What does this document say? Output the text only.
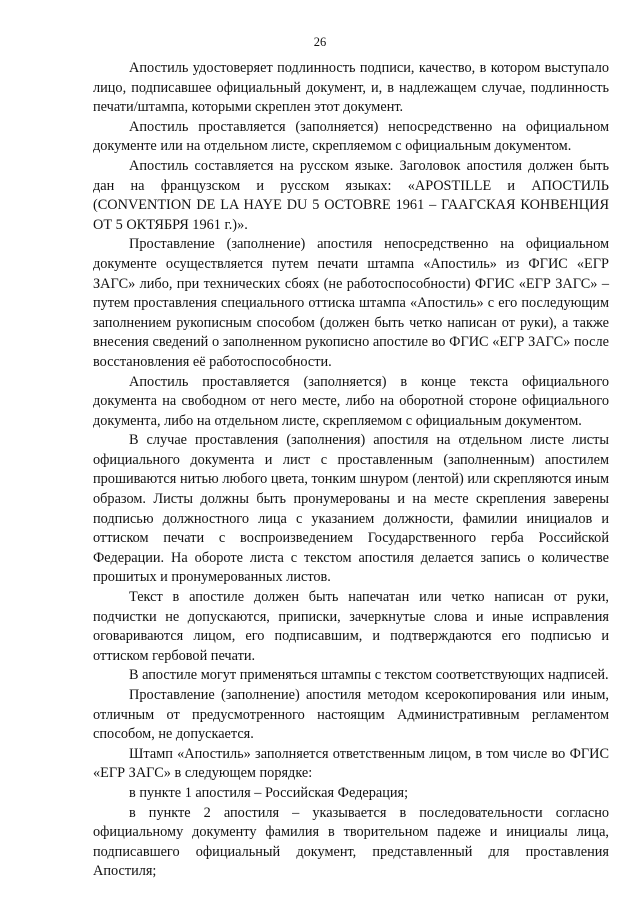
26

Апостиль удостоверяет подлинность подписи, качество, в котором выступало лицо, подписавшее официальный документ, и, в надлежащем случае, подлинность печати/штампа, которыми скреплен этот документ.

Апостиль проставляется (заполняется) непосредственно на официальном документе или на отдельном листе, скрепляемом с официальным документом.

Апостиль составляется на русском языке. Заголовок апостиля должен быть дан на французском и русском языках: «APOSTILLE и АПОСТИЛЬ (CONVENTION DE LA HAYE DU 5 OCTOBRE 1961 – ГААГСКАЯ КОНВЕНЦИЯ ОТ 5 ОКТЯБРЯ 1961 г.)».

Проставление (заполнение) апостиля непосредственно на официальном документе осуществляется путем печати штампа «Апостиль» из ФГИС «ЕГР ЗАГС» либо, при технических сбоях (не работоспособности) ФГИС «ЕГР ЗАГС» – путем проставления специального оттиска штампа «Апостиль» с его последующим заполнением рукописным способом (должен быть четко написан от руки), а также внесения сведений о заполненном рукописно апостиле во ФГИС «ЕГР ЗАГС» после восстановления её работоспособности.

Апостиль проставляется (заполняется) в конце текста официального документа на свободном от него месте, либо на оборотной стороне официального документа, либо на отдельном листе, скрепляемом с официальным документом.

В случае проставления (заполнения) апостиля на отдельном листе листы официального документа и лист с проставленным (заполненным) апостилем прошиваются нитью любого цвета, тонким шнуром (лентой) или скрепляются иным образом. Листы должны быть пронумерованы и на месте скрепления заверены подписью должностного лица с указанием должности, фамилии инициалов и оттиском печати с воспроизведением Государственного герба Российской Федерации. На обороте листа с текстом апостиля делается запись о количестве прошитых и пронумерованных листов.

Текст в апостиле должен быть напечатан или четко написан от руки, подчистки не допускаются, приписки, зачеркнутые слова и иные исправления оговариваются лицом, его подписавшим, и подтверждаются его подписью и оттиском гербовой печати.

В апостиле могут применяться штампы с текстом соответствующих надписей.

Проставление (заполнение) апостиля методом ксерокопирования или иным, отличным от предусмотренного настоящим Административным регламентом способом, не допускается.

Штамп «Апостиль» заполняется ответственным лицом, в том числе во ФГИС «ЕГР ЗАГС» в следующем порядке:

в пункте 1 апостиля – Российская Федерация;

в пункте 2 апостиля – указывается в последовательности согласно официальному документу фамилия в творительном падеже и инициалы лица, подписавшего официальный документ, представленный для проставления Апостиля;
